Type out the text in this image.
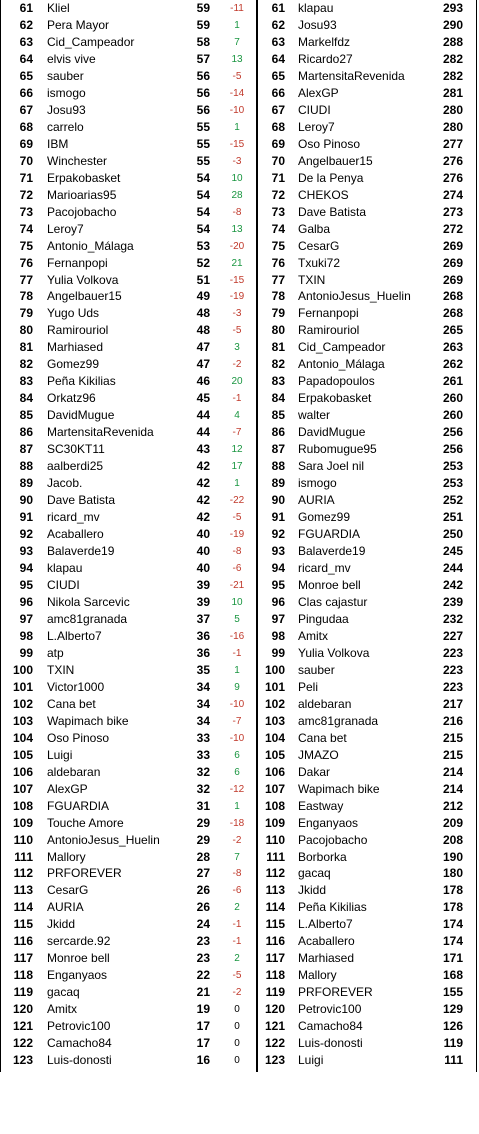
61 Kliel	59	-11	61 klapau	293
62 Pera Mayor	59	1	62 Josu93	290
63 Cid_Campeador	58	7	63 Markelfdz	288
64 elvis vive	57	13	64 Ricardo27	282
65 sauber	56	-5	65 MartensitaRevenida	282
66 ismogo	56	-14	66 AlexGP	281
67 Josu93	56	-10	67 CIUDI	280
68 carrelo	55	1	68 Leroy7	280
69 IBM	55	-15	69 Oso Pinoso	277
70 Winchester	55	-3	70 Angelbauer15	276
71 Erpakobasket	54	10	71 De la Penya	276
72 Marioarias95	54	28	72 CHEKOS	274
73 Pacojobacho	54	-8	73 Dave Batista	273
74 Leroy7	54	13	74 Galba	272
75 Antonio_Málaga	53	-20	75 CesarG	269
76 Fernanpopi	52	21	76 Txuki72	269
77 Yulia Volkova	51	-15	77 TXIN	269
78 Angelbauer15	49	-19	78 AntonioJesus_Huelin	268
79 Yugo Uds	48	-3	79 Fernanpopi	268
80 Ramirouriol	48	-5	80 Ramirouriol	265
81 Marhiased	47	3	81 Cid_Campeador	263
82 Gomez99	47	-2	82 Antonio_Málaga	262
83 Peña Kikilias	46	20	83 Papadopoulos	261
84 Orkatz96	45	-1	84 Erpakobasket	260
85 DavidMugue	44	4	85 walter	260
86 MartensitaRevenida	44	-7	86 DavidMugue	256
87 SC30KT11	43	12	87 Rubomugue95	256
88 aalberdi25	42	17	88 Sara Joel nil	253
89 Jacob.	42	1	89 ismogo	253
90 Dave Batista	42	-22	90 AURIA	252
91 ricard_mv	42	-5	91 Gomez99	251
92 Acaballero	40	-19	92 FGUARDIA	250
93 Balaverde19	40	-8	93 Balaverde19	245
94 klapau	40	-6	94 ricard_mv	244
95 CIUDI	39	-21	95 Monroe bell	242
96 Nikola Sarcevic	39	10	96 Clas cajastur	239
97 amc81granada	37	5	97 Pingudaa	232
98 L.Alberto7	36	-16	98 Amitx	227
99 atp	36	-1	99 Yulia Volkova	223
100 TXIN	35	1	100 sauber	223
101 Victor1000	34	9	101 Peli	223
102 Cana bet	34	-10	102 aldebaran	217
103 Wapimach bike	34	-7	103 amc81granada	216
104 Oso Pinoso	33	-10	104 Cana bet	215
105 Luigi	33	6	105 JMAZO	215
106 aldebaran	32	6	106 Dakar	214
107 AlexGP	32	-12	107 Wapimach bike	214
108 FGUARDIA	31	1	108 Eastway	212
109 Touche Amore	29	-18	109 Enganyaos	209
110 AntonioJesus_Huelin	29	-2	110 Pacojobacho	208
111 Mallory	28	7	111 Borborka	190
112 PRFOREVER	27	-8	112 gacaq	180
113 CesarG	26	-6	113 Jkidd	178
114 AURIA	26	2	114 Peña Kikilias	178
115 Jkidd	24	-1	115 L.Alberto7	174
116 sercarde.92	23	-1	116 Acaballero	174
117 Monroe bell	23	2	117 Marhiased	171
118 Enganyaos	22	-5	118 Mallory	168
119 gacaq	21	-2	119 PRFOREVER	155
120 Amitx	19	0	120 Petrovic100	129
121 Petrovic100	17	0	121 Camacho84	126
122 Camacho84	17	0	122 Luis-donosti	119
123 Luis-donosti	16	0	123 Luigi	111
